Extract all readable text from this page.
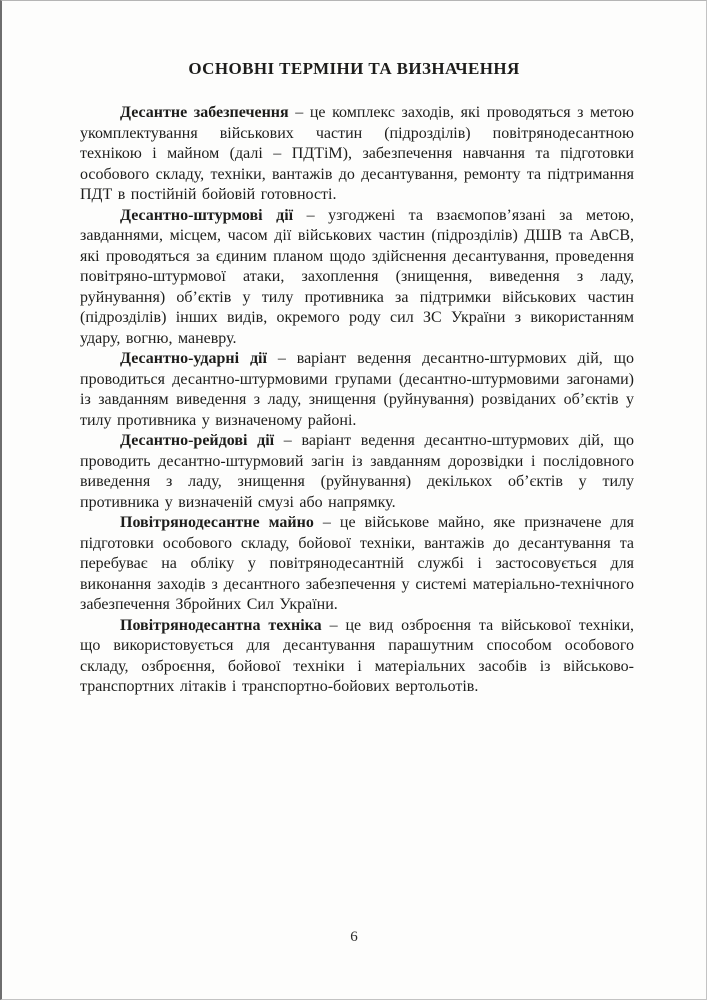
ОСНОВНІ ТЕРМІНИ ТА ВИЗНАЧЕННЯ

Десантне забезпечення – це комплекс заходів, які проводяться з метою укомплектування військових частин (підрозділів) повітрянодесантною технікою і майном (далі – ПДТіМ), забезпечення навчання та підготовки особового складу, техніки, вантажів до десантування, ремонту та підтримання ПДТ в постійній бойовій готовності.

Десантно-штурмові дії – узгоджені та взаємопов’язані за метою, завданнями, місцем, часом дії військових частин (підрозділів) ДШВ та АвСВ, які проводяться за єдиним планом щодо здійснення десантування, проведення повітряно-штурмової атаки, захоплення (знищення, виведення з ладу, руйнування) об’єктів у тилу противника за підтримки військових частин (підрозділів) інших видів, окремого роду сил ЗС України з використанням удару, вогню, маневру.

Десантно-ударні дії – варіант ведення десантно-штурмових дій, що проводиться десантно-штурмовими групами (десантно-штурмовими загонами) із завданням виведення з ладу, знищення (руйнування) розвіданих об’єктів у тилу противника у визначеному районі.

Десантно-рейдові дії – варіант ведення десантно-штурмових дій, що проводить десантно-штурмовий загін із завданням дорозвідки і послідовного виведення з ладу, знищення (руйнування) декількох об’єктів у тилу противника у визначеній смузі або напрямку.

Повітрянодесантне майно – це військове майно, яке призначене для підготовки особового складу, бойової техніки, вантажів до десантування та перебуває на обліку у повітрянодесантній службі і застосовується для виконання заходів з десантного забезпечення у системі матеріально-технічного забезпечення Збройних Сил України.

Повітрянодесантна техніка – це вид озброєння та військової техніки, що використовується для десантування парашутним способом особового складу, озброєння, бойової техніки і матеріальних засобів із військово-транспортних літаків і транспортно-бойових вертольотів.

6
